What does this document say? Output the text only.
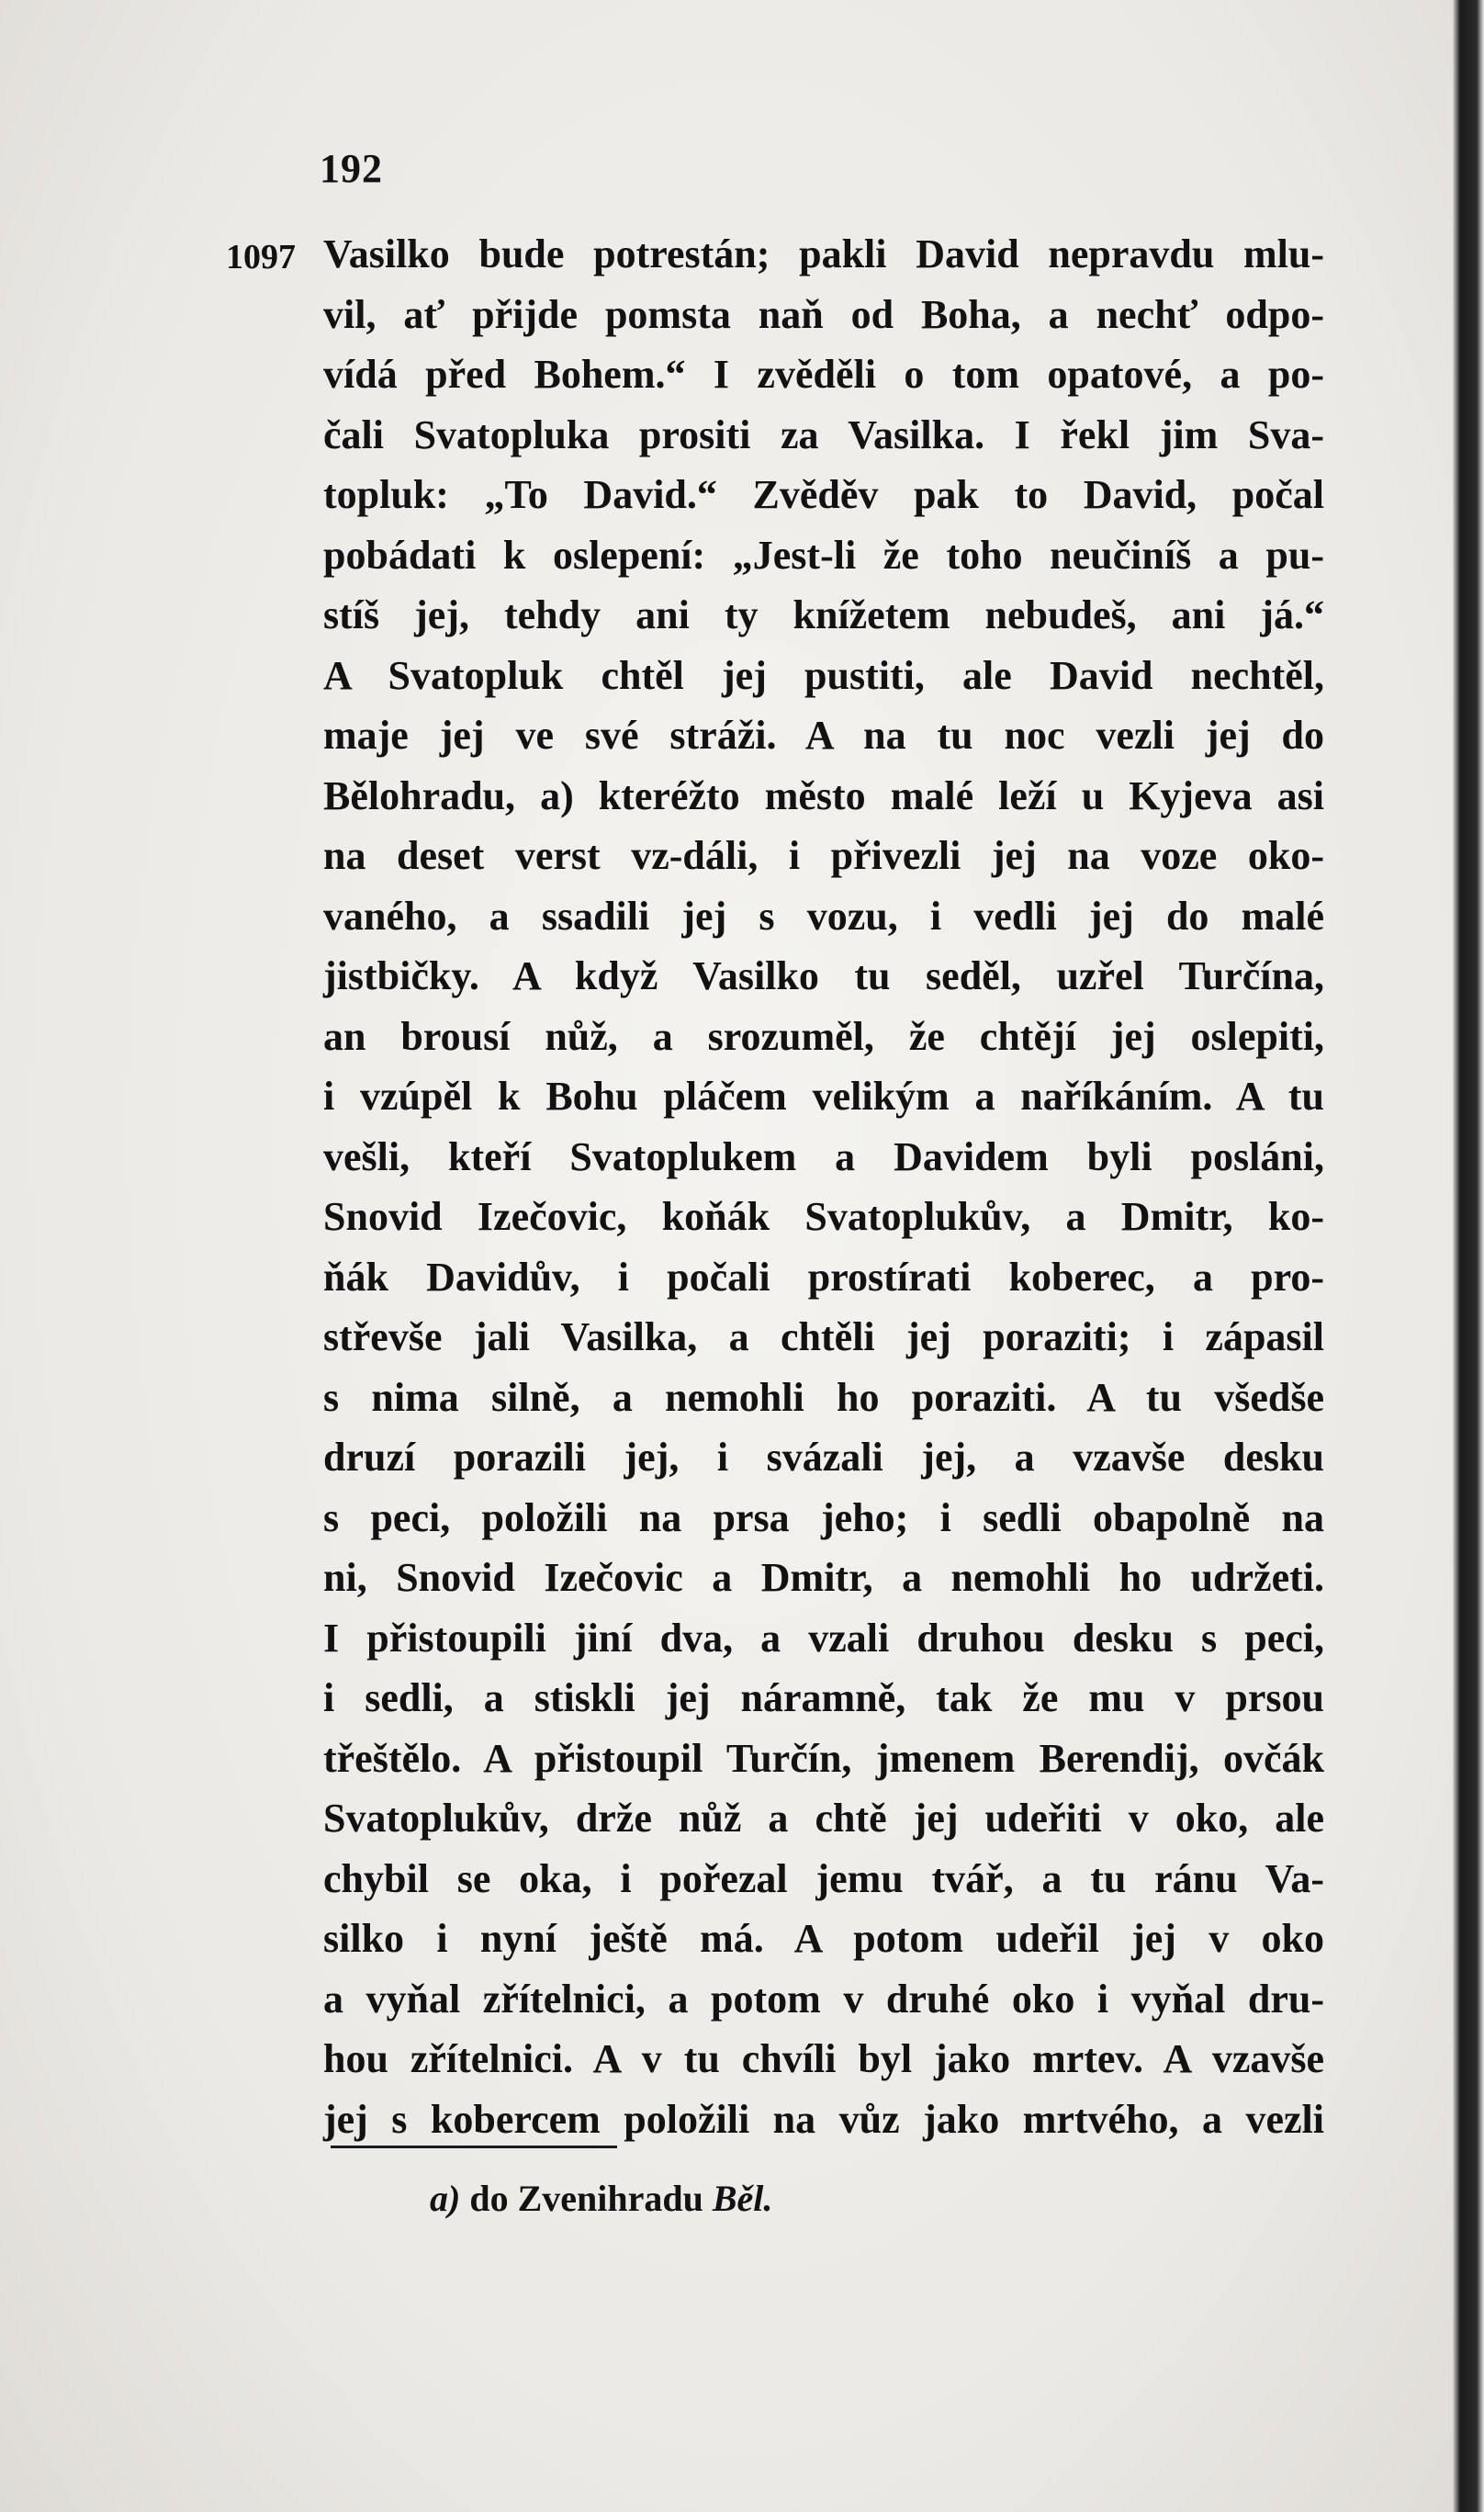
192
1097 Vasilko bude potrestán; pakli David nepravdu mlu-
vil, ať přijde pomsta naň od Boha, a nechť odpo-
vídá před Bohem.“ I zvěděli o tom opatové, a po-
čali Svatopluka prositi za Vasilka. I řekl jim Sva-
topluk: „To David.“ Zvěděv pak to David, počal
pobádati k oslepení: „Jest-li že toho neučiníš a pu-
stíš jej, tehdy ani ty knížetem nebudeš, ani já.“
A Svatopluk chtěl jej pustiti, ale David nechtěl,
maje jej ve své stráži. A na tu noc vezli jej do
Bělohradu, a) kteréžto město malé leží u Kyjeva asi
na deset verst vz-dáli, i přivezli jej na voze oko-
vaného, a ssadili jej s vozu, i vedli jej do malé
jistbičky. A když Vasilko tu seděl, uzřel Turčína,
an brousí nůž, a srozuměl, že chtějí jej oslepiti,
i vzúpěl k Bohu pláčem velikým a naříkáním. A tu
vešli, kteří Svatoplukem a Davidem byli posláni,
Snovid Izečovic, koňák Svatoplukův, a Dmitr, ko-
ňák Davidův, i počali prostírati koberec, a pro-
střevše jali Vasilka, a chtěli jej poraziti; i zápasil
s nima silně, a nemohli ho poraziti. A tu všedše
druzí porazili jej, i svázali jej, a vzavše desku
s peci, položili na prsa jeho; i sedli obapolně na
ni, Snovid Izečovic a Dmitr, a nemohli ho udržeti.
I přistoupili jiní dva, a vzali druhou desku s peci,
i sedli, a stiskli jej náramně, tak že mu v prsou
třeštělo. A přistoupil Turčín, jmenem Berendij, ovčák
Svatoplukův, drže nůž a chtě jej udeřiti v oko, ale
chybil se oka, i pořezal jemu tvář, a tu ránu Va-
silko i nyní ještě má. A potom udeřil jej v oko
a vyňal zřítelnici, a potom v druhé oko i vyňal dru-
hou zřítelnici. A v tu chvíli byl jako mrtev. A vzavše
jej s kobercem položili na vůz jako mrtvého, a vezli
a) do Zvenihradu Běl.
